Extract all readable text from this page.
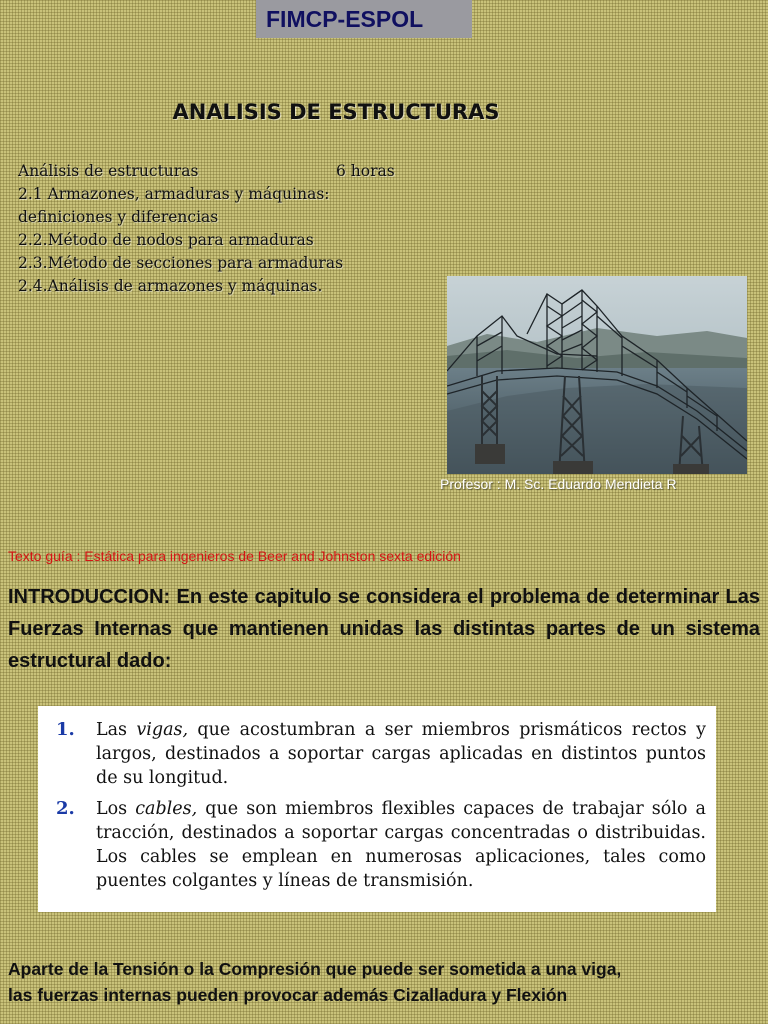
FIMCP-ESPOL
ANALISIS DE ESTRUCTURAS
Análisis de estructuras	6 horas
2.1 Armazones, armaduras y máquinas:
definiciones y diferencias
2.2.Método de nodos para armaduras
2.3.Método de secciones para armaduras
2.4.Análisis de armazones y máquinas.
Profesor : M. Sc. Eduardo Mendieta R
Texto guía : Estática para ingenieros de Beer and Johnston sexta edición
INTRODUCCION: En este capitulo se considera el problema de determinar Las Fuerzas Internas que mantienen unidas las distintas partes de un sistema estructural dado:
1. Las vigas, que acostumbran a ser miembros prismáticos rectos y largos, destinados a soportar cargas aplicadas en distintos puntos de su longitud.
2. Los cables, que son miembros flexibles capaces de trabajar sólo a tracción, destinados a soportar cargas concentradas o distribuidas. Los cables se emplean en numerosas aplicaciones, tales como puentes colgantes y líneas de transmisión.
Aparte de la Tensión o la Compresión que puede ser sometida a una viga,
las fuerzas internas pueden provocar además Cizalladura y Flexión
